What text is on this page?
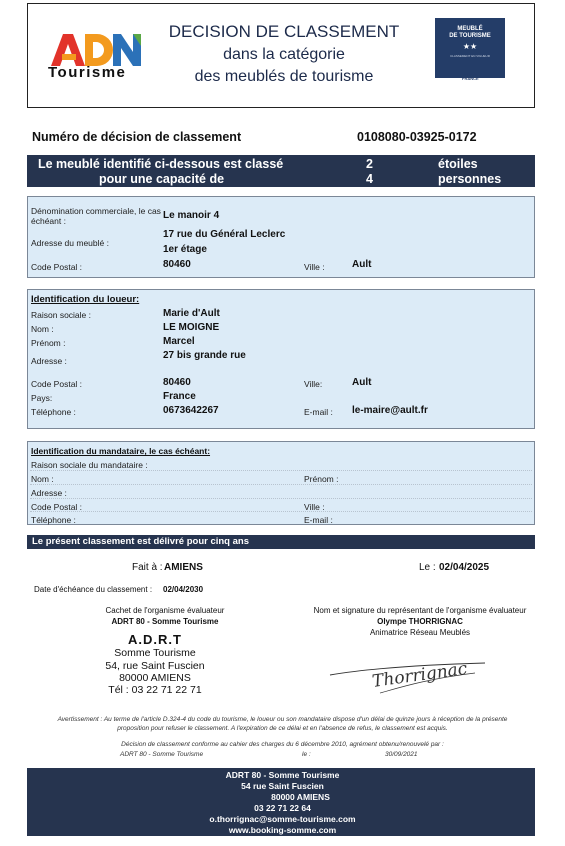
Tourisme
DECISION DE CLASSEMENT
dans la catégorie
des meublés de tourisme
MEUBLÉ
DE TOURISME
★★
CLASSEMENT EN VIGUEUR
ATOUT
FRANCE
Numéro de décision de classement	0108080-03925-0172
Le meublé identifié ci-dessous est classé
pour une capacité de
2	étoiles
4	personnes
Dénomination commerciale, le cas
échéant :	Le manoir 4
Adresse du meublé :
17 rue du Général Leclerc
1er étage
Code Postal :	80460	Ville :	Ault
Identification du loueur:
Raison sociale :	Marie d'Ault
Nom :	LE MOIGNE
Prénom :	Marcel
Adresse :	27 bis grande rue
Code Postal :	80460	Ville:	Ault
Pays:	France
Téléphone :	0673642267	E-mail : le-maire@ault.fr
Identification du mandataire, le cas échéant:
Raison sociale du mandataire :
Nom :	Prénom :
Adresse :
Code Postal :	Ville :
Téléphone :	E-mail :
Le présent classement est délivré pour cinq ans
Fait à : AMIENS	Le : 02/04/2025
Date d'échéance du classement : 02/04/2030
Cachet de l'organisme évaluateur
ADRT 80 - Somme Tourisme
A.D.R.T
Somme Tourisme
54, rue Saint Fuscien
80000 AMIENS
Tél : 03 22 71 22 71
Nom et signature du représentant de l'organisme évaluateur
Olympe THORRIGNAC
Animatrice Réseau Meublés
Thorrignac
Avertissement : Au terme de l'article D.324-4 du code du tourisme, le loueur ou son mandataire dispose d'un délai de quinze jours à réception de la présente
proposition pour refuser le classement. A l'expiration de ce délai et en l'absence de refus, le classement est acquis.
Décision de classement conforme au cahier des charges du 6 décembre 2010, agrément obtenu/renouvelé par :
ADRT 80 - Somme Tourisme	le :	30/09/2021
ADRT 80 - Somme Tourisme
54 rue Saint Fuscien
80000 AMIENS
03 22 71 22 64
o.thorrignac@somme-tourisme.com
www.booking-somme.com
